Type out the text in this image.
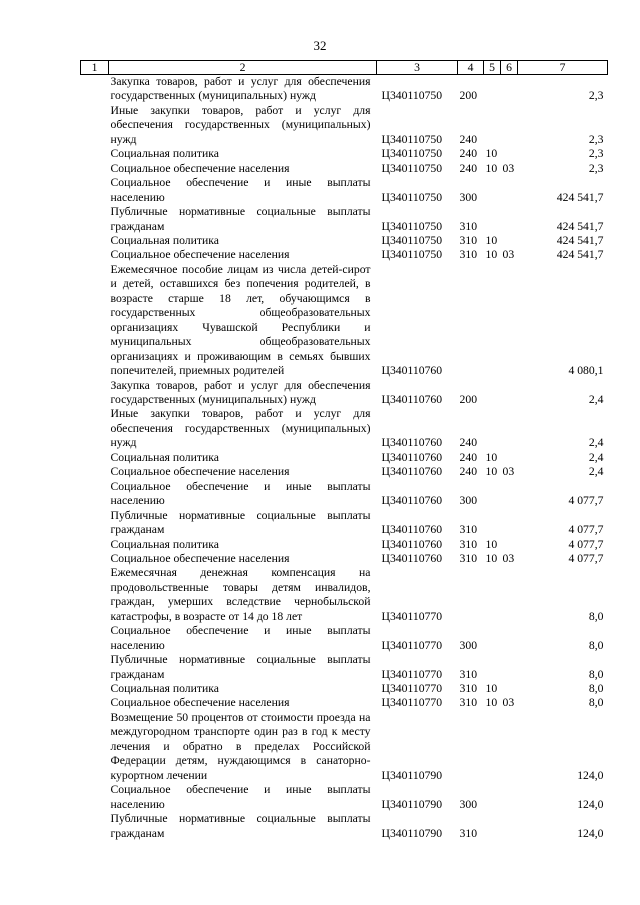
32
1	2	3	4	5	6	7
	Закупка товаров, работ и услуг для обеспечения государственных (муниципальных) нужд	Ц340110750	200			2,3
	Иные закупки товаров, работ и услуг для обеспечения государственных (муниципальных) нужд	Ц340110750	240			2,3
	Социальная политика	Ц340110750	240	10		2,3
	Социальное обеспечение населения	Ц340110750	240	10	03	2,3
	Социальное обеспечение и иные выплаты населению	Ц340110750	300			424 541,7
	Публичные нормативные социальные выплаты гражданам	Ц340110750	310			424 541,7
	Социальная политика	Ц340110750	310	10		424 541,7
	Социальное обеспечение населения	Ц340110750	310	10	03	424 541,7
	Ежемесячное пособие лицам из числа детей-сирот и детей, оставшихся без попечения родителей, в возрасте старше 18 лет, обучающимся в государственных общеобразовательных организациях Чувашской Республики и муниципальных общеобразовательных организациях и проживающим в семьях бывших попечителей, приемных родителей	Ц340110760				4 080,1
	Закупка товаров, работ и услуг для обеспечения государственных (муниципальных) нужд	Ц340110760	200			2,4
	Иные закупки товаров, работ и услуг для обеспечения государственных (муниципальных) нужд	Ц340110760	240			2,4
	Социальная политика	Ц340110760	240	10		2,4
	Социальное обеспечение населения	Ц340110760	240	10	03	2,4
	Социальное обеспечение и иные выплаты населению	Ц340110760	300			4 077,7
	Публичные нормативные социальные выплаты гражданам	Ц340110760	310			4 077,7
	Социальная политика	Ц340110760	310	10		4 077,7
	Социальное обеспечение населения	Ц340110760	310	10	03	4 077,7
	Ежемесячная денежная компенсация на продовольственные товары детям инвалидов, граждан, умерших вследствие чернобыльской катастрофы, в возрасте от 14 до 18 лет	Ц340110770				8,0
	Социальное обеспечение и иные выплаты населению	Ц340110770	300			8,0
	Публичные нормативные социальные выплаты гражданам	Ц340110770	310			8,0
	Социальная политика	Ц340110770	310	10		8,0
	Социальное обеспечение населения	Ц340110770	310	10	03	8,0
	Возмещение 50 процентов от стоимости проезда на междугородном транспорте один раз в год к месту лечения и обратно в пределах Российской Федерации детям, нуждающимся в санаторно-курортном лечении	Ц340110790				124,0
	Социальное обеспечение и иные выплаты населению	Ц340110790	300			124,0
	Публичные нормативные социальные выплаты гражданам	Ц340110790	310			124,0
